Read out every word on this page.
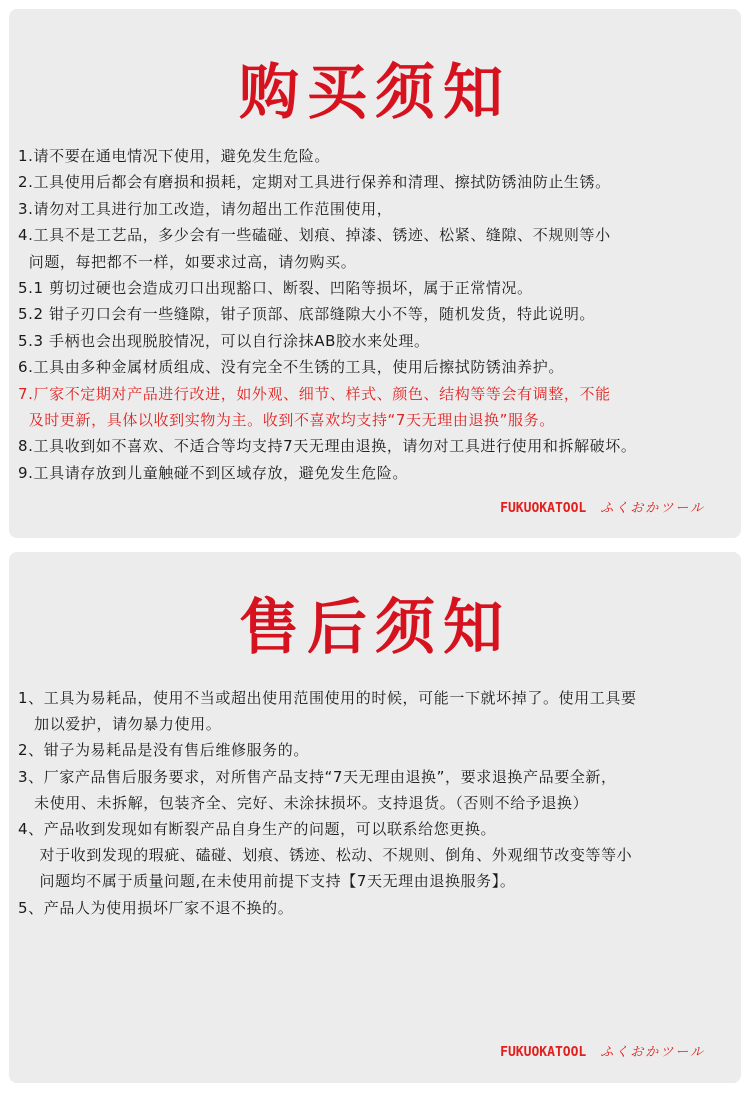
购买须知
1.请不要在通电情况下使用，避免发生危险。
2.工具使用后都会有磨损和损耗，定期对工具进行保养和清理、擦拭防锈油防止生锈。
3.请勿对工具进行加工改造，请勿超出工作范围使用，
4.工具不是工艺品，多少会有一些磕碰、划痕、掉漆、锈迹、松紧、缝隙、不规则等小
问题，每把都不一样，如要求过高，请勿购买。
5.1 剪切过硬也会造成刃口出现豁口、断裂、凹陷等损坏，属于正常情况。
5.2 钳子刃口会有一些缝隙，钳子顶部、底部缝隙大小不等，随机发货，特此说明。
5.3 手柄也会出现脱胶情况，可以自行涂抹AB胶水来处理。
6.工具由多种金属材质组成、没有完全不生锈的工具，使用后擦拭防锈油养护。
7.厂家不定期对产品进行改进，如外观、细节、样式、颜色、结构等等会有调整，不能
及时更新，具体以收到实物为主。收到不喜欢均支持“7天无理由退换”服务。
8.工具收到如不喜欢、不适合等均支持7天无理由退换，请勿对工具进行使用和拆解破坏。
9.工具请存放到儿童触碰不到区域存放，避免发生危险。
FUKUOKATOOL ふくおかツール
售后须知
1、工具为易耗品，使用不当或超出使用范围使用的时候，可能一下就坏掉了。使用工具要
加以爱护，请勿暴力使用。
2、钳子为易耗品是没有售后维修服务的。
3、厂家产品售后服务要求，对所售产品支持“7天无理由退换”，要求退换产品要全新，
未使用、未拆解，包装齐全、完好、未涂抹损坏。支持退货。（否则不给予退换）
4、产品收到发现如有断裂产品自身生产的问题，可以联系给您更换。
对于收到发现的瑕疵、磕碰、划痕、锈迹、松动、不规则、倒角、外观细节改变等等小
问题均不属于质量问题,在未使用前提下支持【7天无理由退换服务】。
5、产品人为使用损坏厂家不退不换的。
FUKUOKATOOL ふくおかツール
